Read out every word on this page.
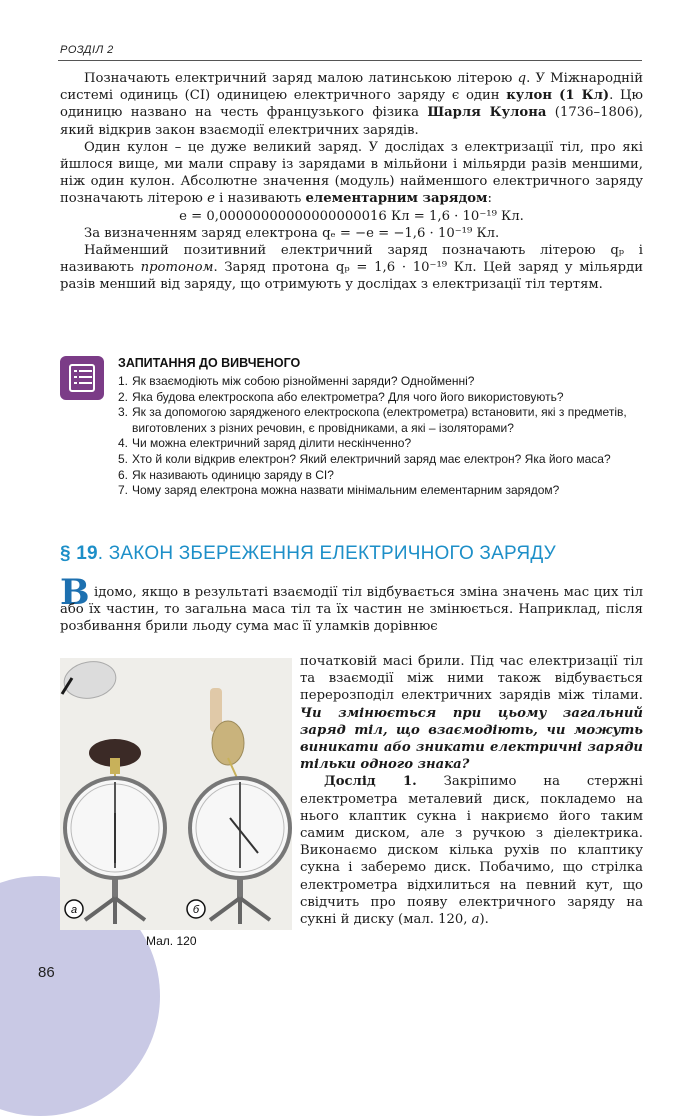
86
РОЗДІЛ 2

Позначають електричний заряд малою латинською літерою q. У Міжнародній системі одиниць (СІ) одиницею електричного заряду є один кулон (1 Кл). Цю одиницю названо на честь французького фізика Шарля Кулона (1736–1806), який відкрив закон взаємодії електричних зарядів.

Один кулон – це дуже великий заряд. У дослідах з електризації тіл, про які йшлося вище, ми мали справу із зарядами в мільйони і мільярди разів меншими, ніж один кулон. Абсолютне значення (модуль) найменшого електричного заряду позначають літерою e і називають елементарним зарядом:

e = 0,00000000000000000016 Кл = 1,6 · 10⁻¹⁹ Кл.

За визначенням заряд електрона qₑ = −e = −1,6 · 10⁻¹⁹ Кл.

Найменший позитивний електричний заряд позначають літерою qₚ і називають протоном. Заряд протона qₚ = 1,6 · 10⁻¹⁹ Кл. Цей заряд у мільярди разів менший від заряду, що отримують у дослідах з електризації тіл тертям.

ЗАПИТАННЯ ДО ВИВЧЕНОГО
1. Як взаємодіють між собою різнойменні заряди? Однойменні?
2. Яка будова електроскопа або електрометра? Для чого його використовують?
3. Як за допомогою зарядженого електроскопа (електрометра) встановити, які з предметів, виготовлених з різних речовин, є провідниками, а які – ізоляторами?
4. Чи можна електричний заряд ділити нескінченно?
5. Хто й коли відкрив електрон? Який електричний заряд має електрон? Яка його маса?
6. Як називають одиницю заряду в СІ?
7. Чому заряд електрона можна назвати мінімальним елементарним зарядом?
§ 19. ЗАКОН ЗБЕРЕЖЕННЯ ЕЛЕКТРИЧНОГО ЗАРЯДУ
В ідомо, якщо в результаті взаємодії тіл відбувається зміна значень мас цих тіл або їх частин, то загальна маса тіл та їх частин не змінюється. Наприклад, після розбивання брили льоду сума мас її уламків дорівнює

а	б
Мал. 120

початковій масі брили. Під час електризації тіл та взаємодії між ними також відбувається перерозподіл електричних зарядів між тілами. Чи змінюється при цьому загальний заряд тіл, що взаємодіють, чи можуть виникати або зникати електричні заряди тільки одного знака?

Дослід 1. Закріпимо на стержні електрометра металевий диск, покладемо на нього клаптик сукна і накриємо його таким самим диском, але з ручкою з діелектрика. Виконаємо диском кілька рухів по клаптику сукна і заберемо диск. Побачимо, що стрілка електрометра відхилиться на певний кут, що свідчить про появу електричного заряду на сукні й диску (мал. 120, а).
